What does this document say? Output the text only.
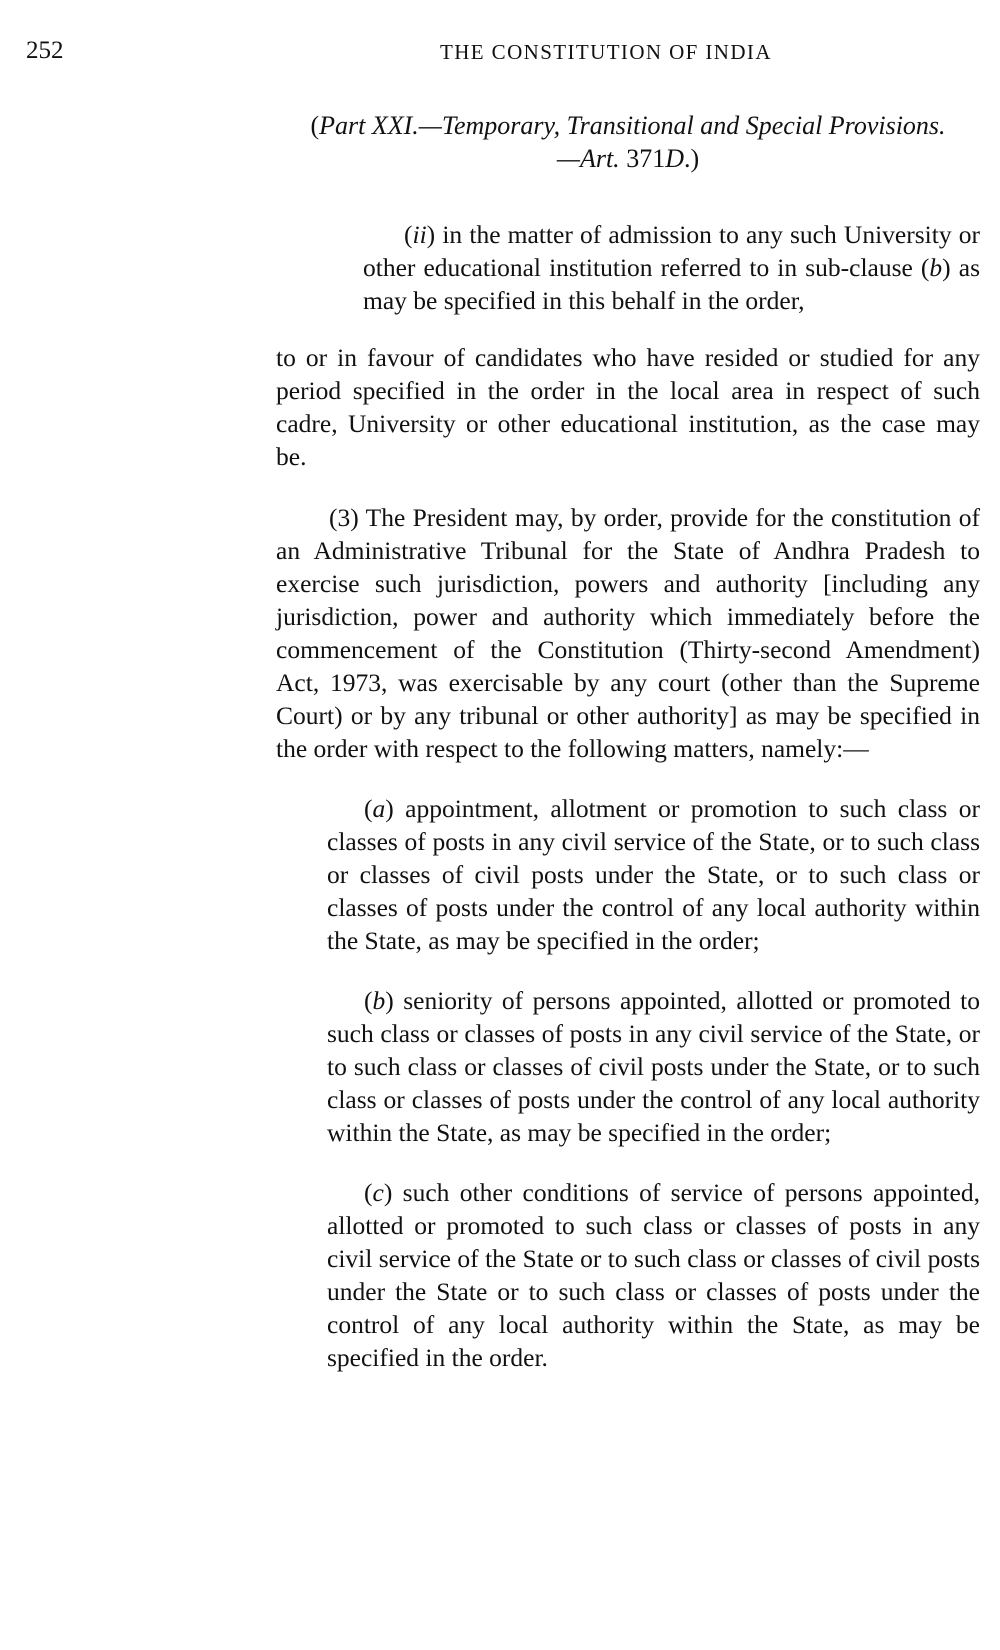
252	THE CONSTITUTION OF INDIA
(Part XXI.—Temporary, Transitional and Special Provisions.—Art. 371D.)

(ii) in the matter of admission to any such University or other educational institution referred to in sub-clause (b) as may be specified in this behalf in the order,

to or in favour of candidates who have resided or studied for any period specified in the order in the local area in respect of such cadre, University or other educational institution, as the case may be.

(3) The President may, by order, provide for the constitution of an Administrative Tribunal for the State of Andhra Pradesh to exercise such jurisdiction, powers and authority [including any jurisdiction, power and authority which immediately before the commencement of the Constitution (Thirty-second Amendment) Act, 1973, was exercisable by any court (other than the Supreme Court) or by any tribunal or other authority] as may be specified in the order with respect to the following matters, namely:—

(a) appointment, allotment or promotion to such class or classes of posts in any civil service of the State, or to such class or classes of civil posts under the State, or to such class or classes of posts under the control of any local authority within the State, as may be specified in the order;

(b) seniority of persons appointed, allotted or promoted to such class or classes of posts in any civil service of the State, or to such class or classes of civil posts under the State, or to such class or classes of posts under the control of any local authority within the State, as may be specified in the order;

(c) such other conditions of service of persons appointed, allotted or promoted to such class or classes of posts in any civil service of the State or to such class or classes of civil posts under the State or to such class or classes of posts under the control of any local authority within the State, as may be specified in the order.
